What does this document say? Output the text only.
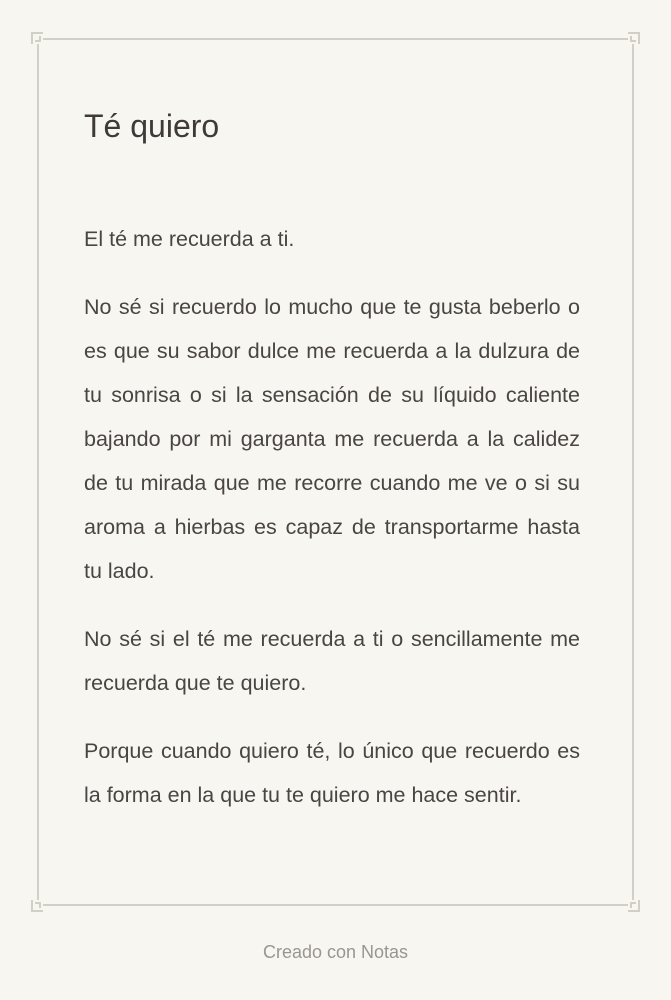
Té quiero

El té me recuerda a ti.

No sé si recuerdo lo mucho que te gusta beberlo o es que su sabor dulce me recuerda a la dulzura de tu sonrisa o si la sensación de su líquido caliente bajando por mi garganta me recuerda a la calidez de tu mirada que me recorre cuando me ve o si su aroma a hierbas es capaz de transportarme hasta tu lado.

No sé si el té me recuerda a ti o sencillamente me recuerda que te quiero.

Porque cuando quiero té, lo único que recuerdo es la forma en la que tu te quiero me hace sentir.

Creado con Notas
